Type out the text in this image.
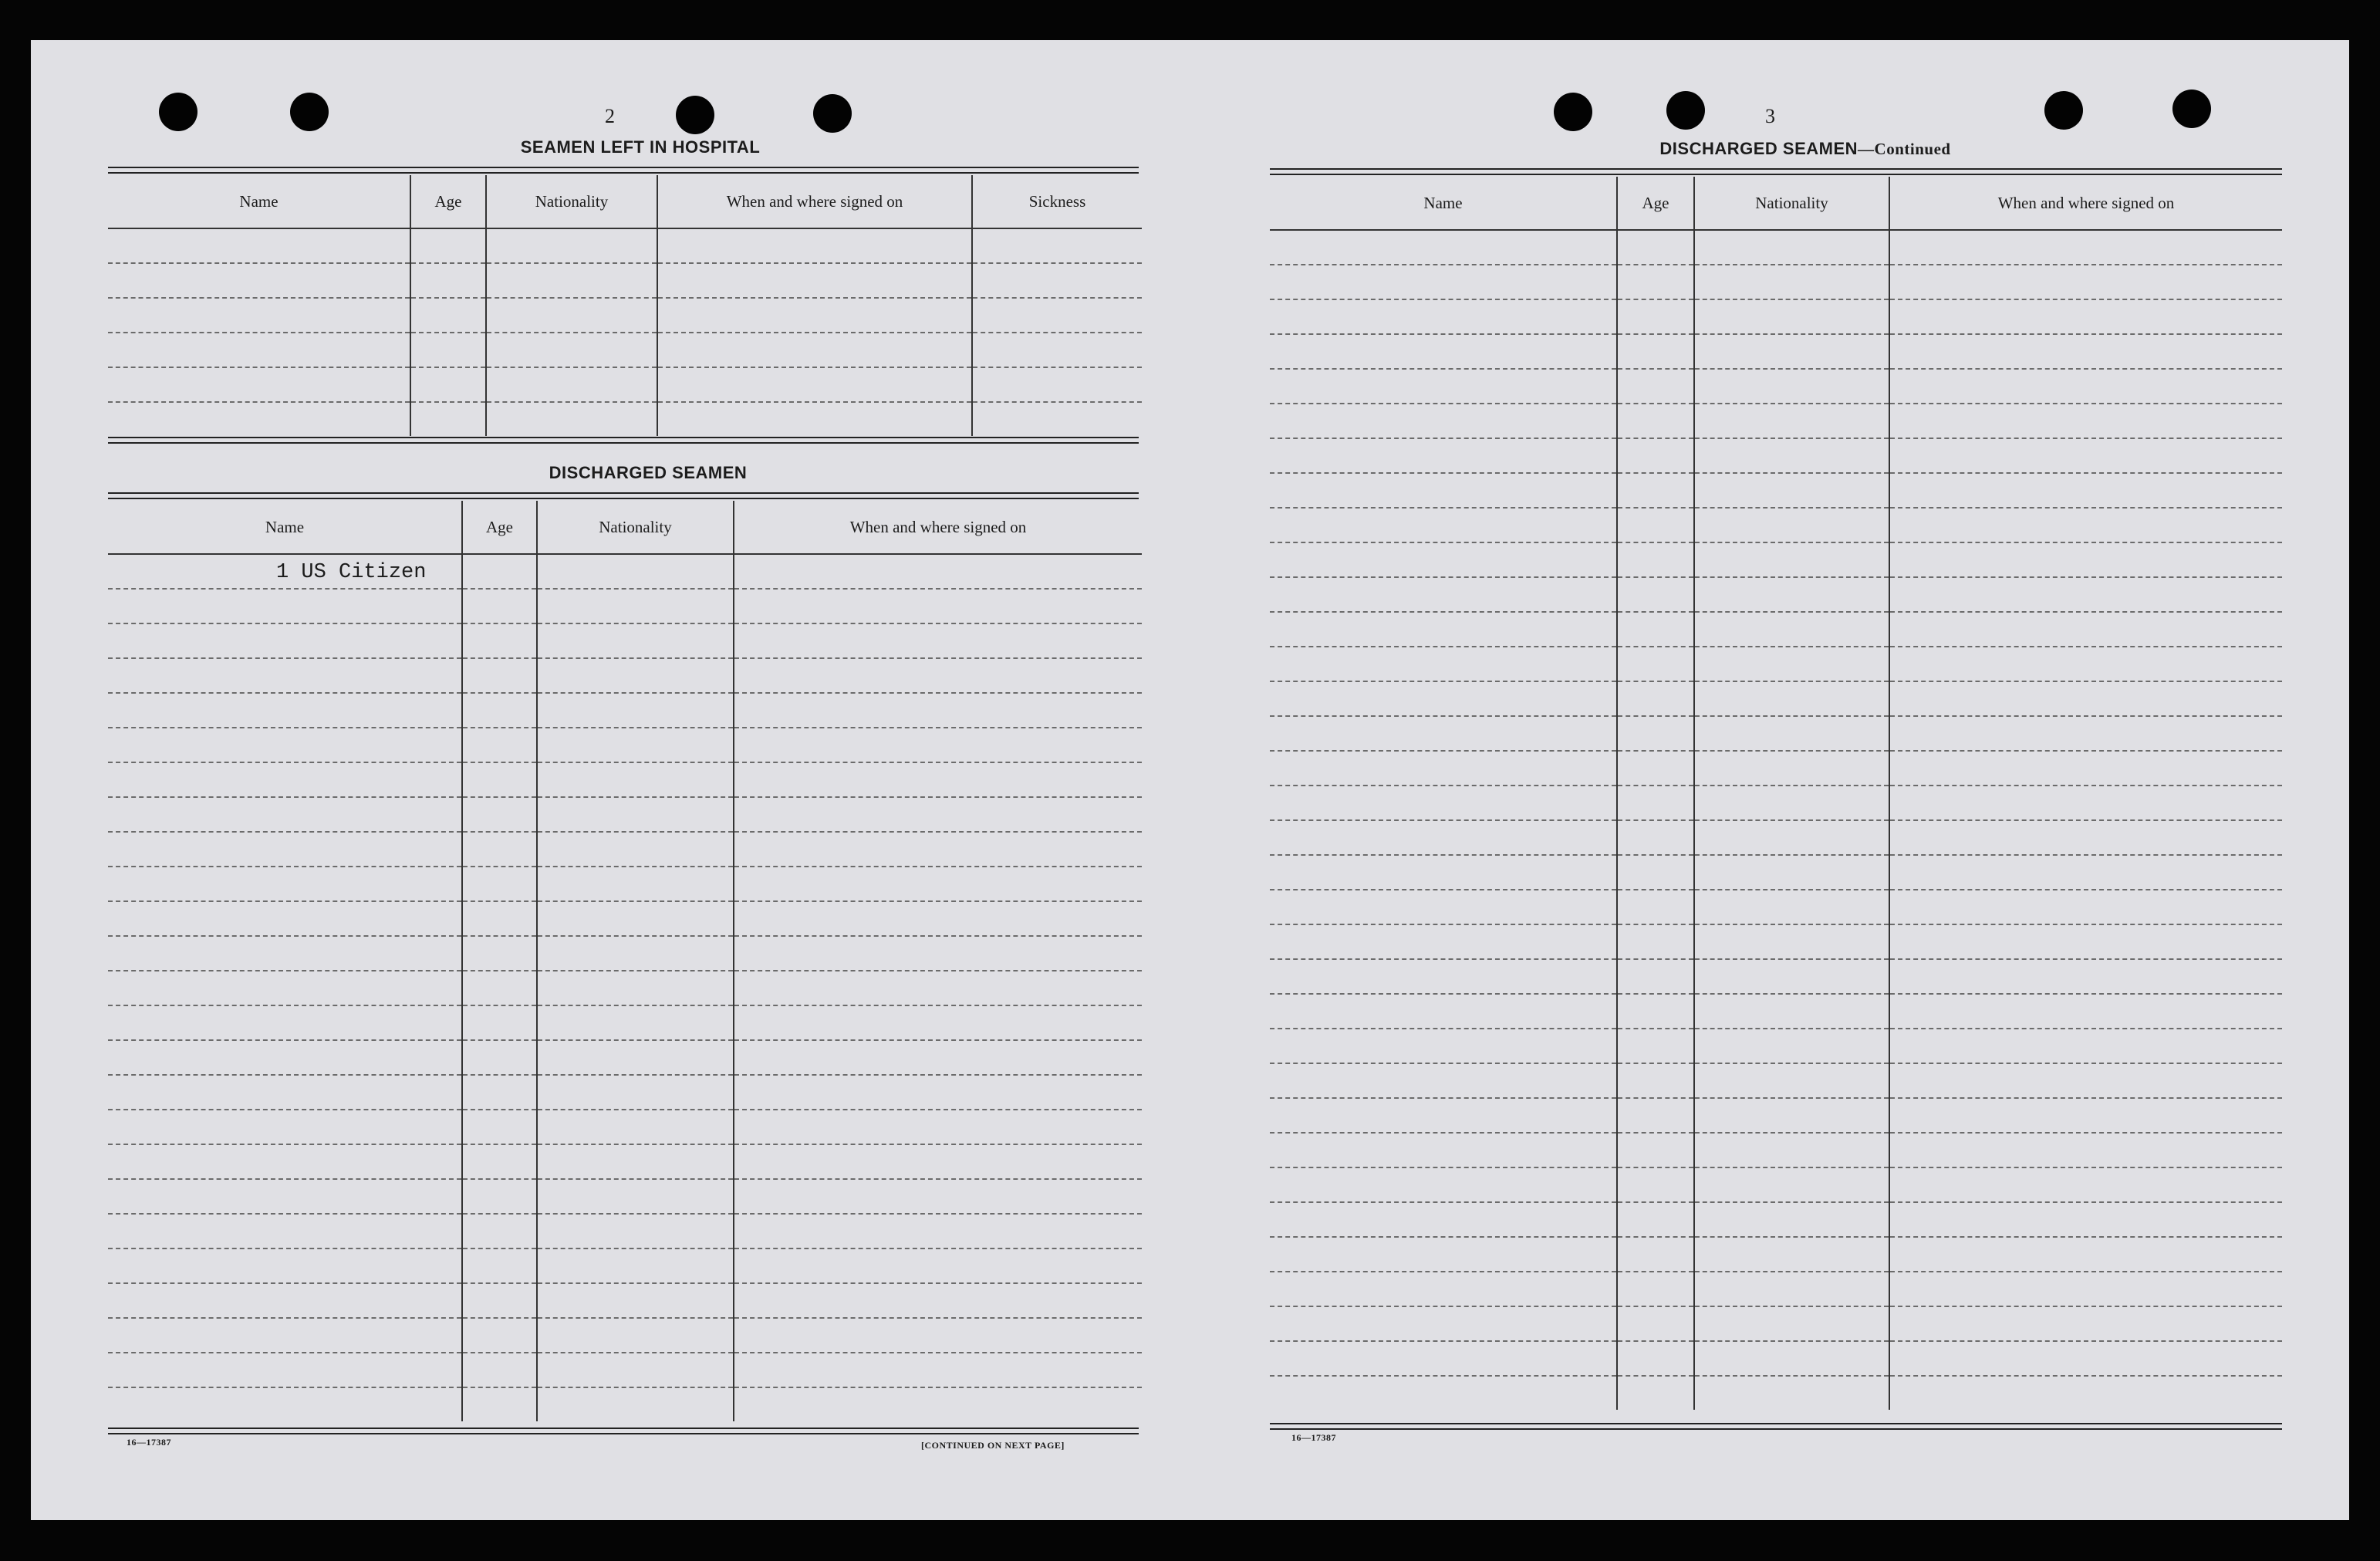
2
SEAMEN LEFT IN HOSPITAL
Name	Age	Nationality	When and where signed on	Sickness

DISCHARGED SEAMEN
Name	Age	Nationality	When and where signed on
1 US Citizen			

16—17387	[CONTINUED ON NEXT PAGE]
3
DISCHARGED SEAMEN—Continued
Name	Age	Nationality	When and where signed on

16—17387
